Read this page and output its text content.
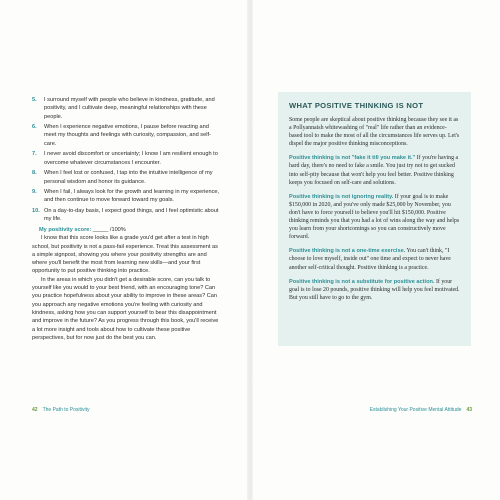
5. I surround myself with people who believe in kindness, gratitude, and positivity, and I cultivate deep, meaningful relationships with these people.
6. When I experience negative emotions, I pause before reacting and meet my thoughts and feelings with curiosity, compassion, and self-care.
7. I never avoid discomfort or uncertainty; I know I am resilient enough to overcome whatever circumstances I encounter.
8. When I feel lost or confused, I tap into the intuitive intelligence of my personal wisdom and honor its guidance.
9. When I fail, I always look for the growth and learning in my experience, and then continue to move forward toward my goals.
10. On a day-to-day basis, I expect good things, and I feel optimistic about my life.

My positivity score: _____ /100%

I know that this score looks like a grade you'd get after a test in high school, but positivity is not a pass-fail experience. Treat this assessment as a simple signpost, showing you where your positivity strengths are and where you'll benefit the most from learning new skills—and your first opportunity to put positive thinking into practice.

In the areas in which you didn't get a desirable score, can you talk to yourself like you would to your best friend, with an encouraging tone? Can you practice hopefulness about your ability to improve in these areas? Can you approach any negative emotions you're feeling with curiosity and kindness, asking how you can support yourself to bear this disappointment and improve in the future? As you progress through this book, you'll receive a lot more insight and tools about how to cultivate these positive perspectives, but for now just do the best you can.

42 The Path to Positivity
WHAT POSITIVE THINKING IS NOT

Some people are skeptical about positive thinking because they see it as a Pollyannaish whitewashing of "real" life rather than an evidence-based tool to make the most of all the circumstances life serves up. Let's dispel the major positive thinking misconceptions.

Positive thinking is not "fake it till you make it." If you're having a hard day, there's no need to fake a smile. You just try not to get sucked into self-pity because that won't help you feel better. Positive thinking keeps you focused on self-care and solutions.

Positive thinking is not ignoring reality. If your goal is to make $150,000 in 2020, and you've only made $25,000 by November, you don't have to force yourself to believe you'll hit $150,000. Positive thinking reminds you that you had a lot of wins along the way and helps you learn from your shortcomings so you can constructively move forward.

Positive thinking is not a one-time exercise. You can't think, "I choose to love myself, inside out" one time and expect to never have another self-critical thought. Positive thinking is a practice.

Positive thinking is not a substitute for positive action. If your goal is to lose 20 pounds, positive thinking will help you feel motivated. But you still have to go to the gym.

Establishing Your Positive Mental Attitude 43
